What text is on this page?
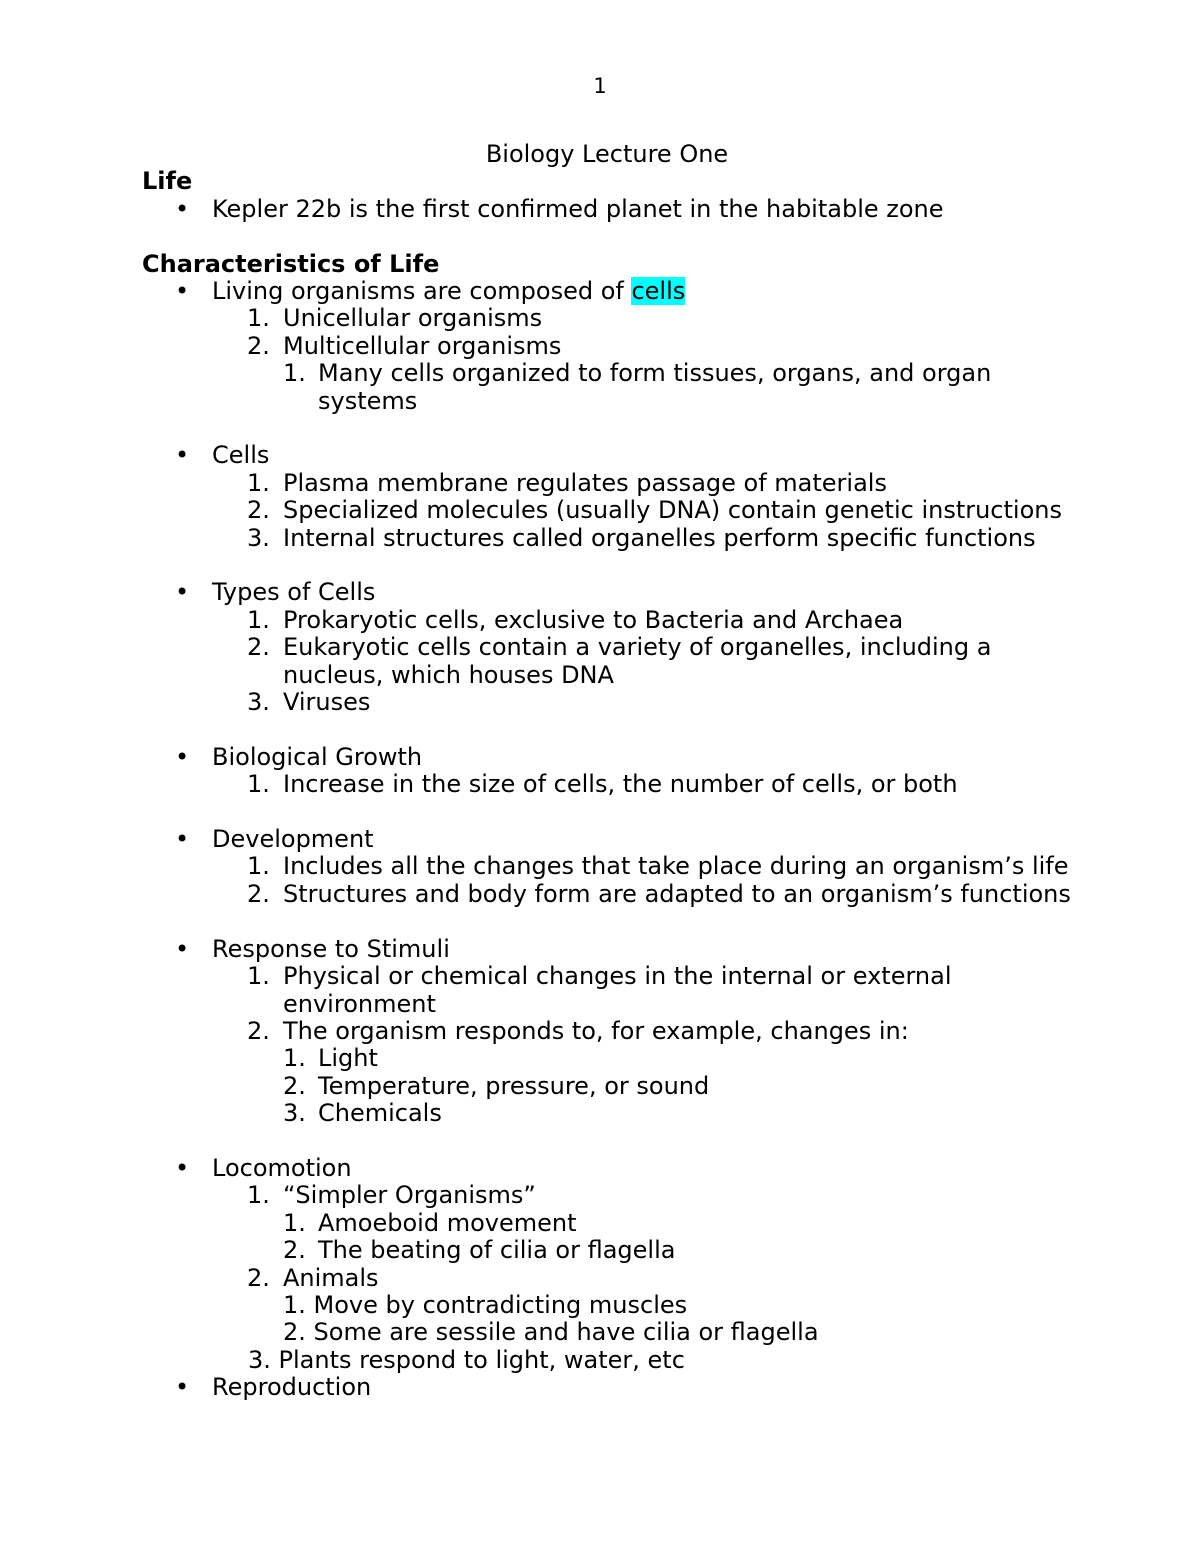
1
Biology Lecture One
Life
• Kepler 22b is the first confirmed planet in the habitable zone
Characteristics of Life
• Living organisms are composed of cells
1. Unicellular organisms
2. Multicellular organisms
1. Many cells organized to form tissues, organs, and organ
systems
• Cells
1. Plasma membrane regulates passage of materials
2. Specialized molecules (usually DNA) contain genetic instructions
3. Internal structures called organelles perform specific functions
• Types of Cells
1. Prokaryotic cells, exclusive to Bacteria and Archaea
2. Eukaryotic cells contain a variety of organelles, including a
nucleus, which houses DNA
3. Viruses
• Biological Growth
1. Increase in the size of cells, the number of cells, or both
• Development
1. Includes all the changes that take place during an organism’s life
2. Structures and body form are adapted to an organism’s functions
• Response to Stimuli
1. Physical or chemical changes in the internal or external
environment
2. The organism responds to, for example, changes in:
1. Light
2. Temperature, pressure, or sound
3. Chemicals
• Locomotion
1. “Simpler Organisms”
1. Amoeboid movement
2. The beating of cilia or flagella
2. Animals
1. Move by contradicting muscles
2. Some are sessile and have cilia or flagella
3. Plants respond to light, water, etc
• Reproduction
